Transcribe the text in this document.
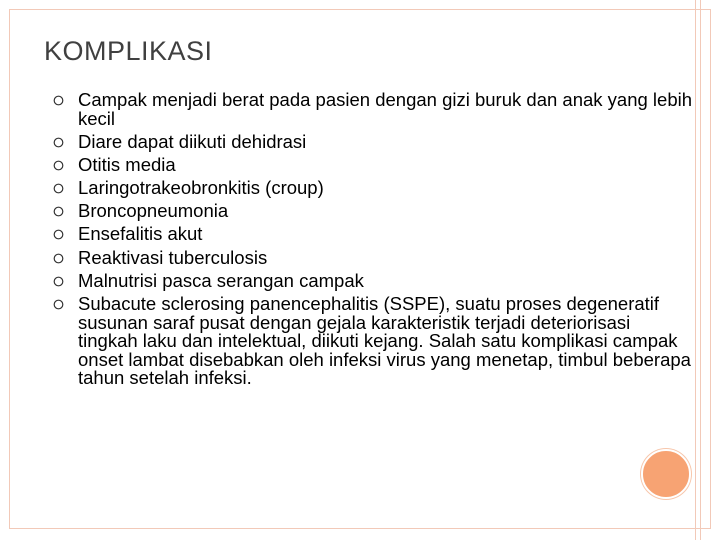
KOMPLIKASI
Campak menjadi berat pada pasien dengan gizi buruk dan anak yang lebih kecil
Diare dapat diikuti dehidrasi
Otitis media
Laringotrakeobronkitis (croup)
Broncopneumonia
Ensefalitis akut
Reaktivasi tuberculosis
Malnutrisi pasca serangan campak
Subacute sclerosing panencephalitis (SSPE), suatu proses degeneratif susunan saraf pusat dengan gejala karakteristik terjadi deteriorisasi tingkah laku dan intelektual, diikuti kejang. Salah satu komplikasi campak onset lambat disebabkan oleh infeksi virus yang menetap, timbul beberapa tahun setelah infeksi.
